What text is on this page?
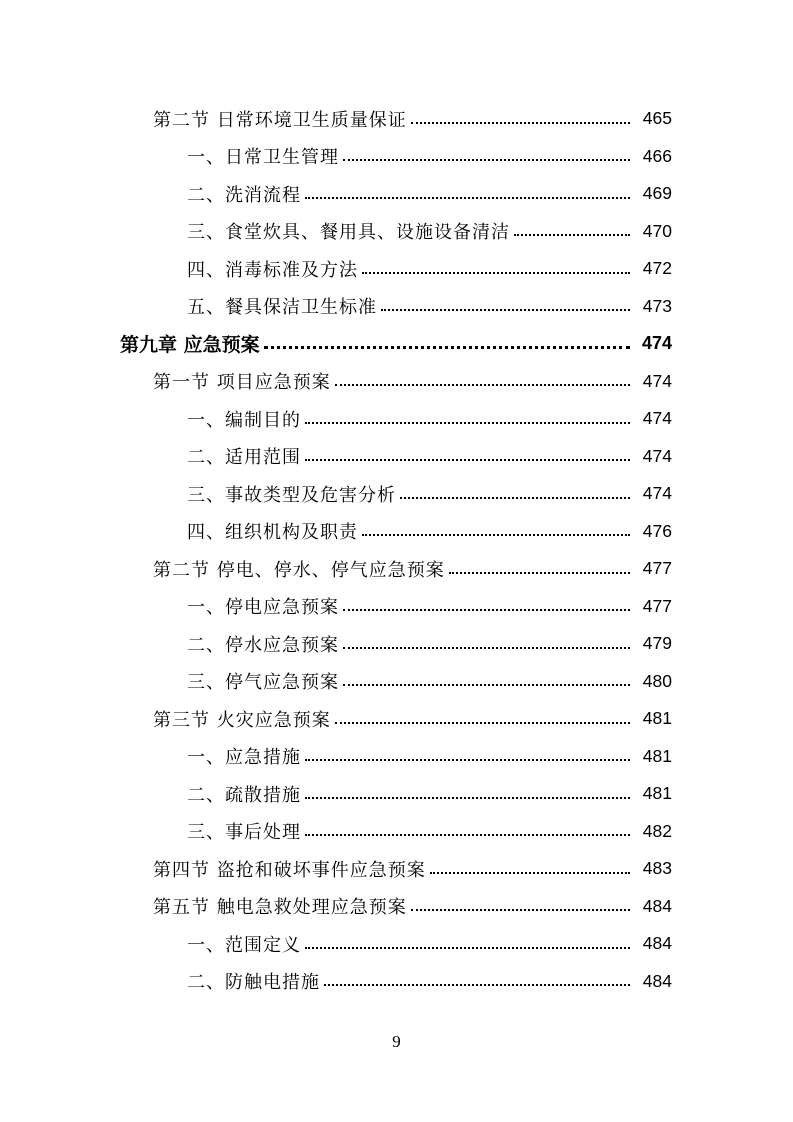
第二节 日常环境卫生质量保证	465
一、日常卫生管理	466
二、洗消流程	469
三、食堂炊具、餐用具、设施设备清洁	470
四、消毒标准及方法	472
五、餐具保洁卫生标准	473
第九章 应急预案	474
第一节 项目应急预案	474
一、编制目的	474
二、适用范围	474
三、事故类型及危害分析	474
四、组织机构及职责	476
第二节 停电、停水、停气应急预案	477
一、停电应急预案	477
二、停水应急预案	479
三、停气应急预案	480
第三节 火灾应急预案	481
一、应急措施	481
二、疏散措施	481
三、事后处理	482
第四节 盗抢和破坏事件应急预案	483
第五节 触电急救处理应急预案	484
一、范围定义	484
二、防触电措施	484
9
